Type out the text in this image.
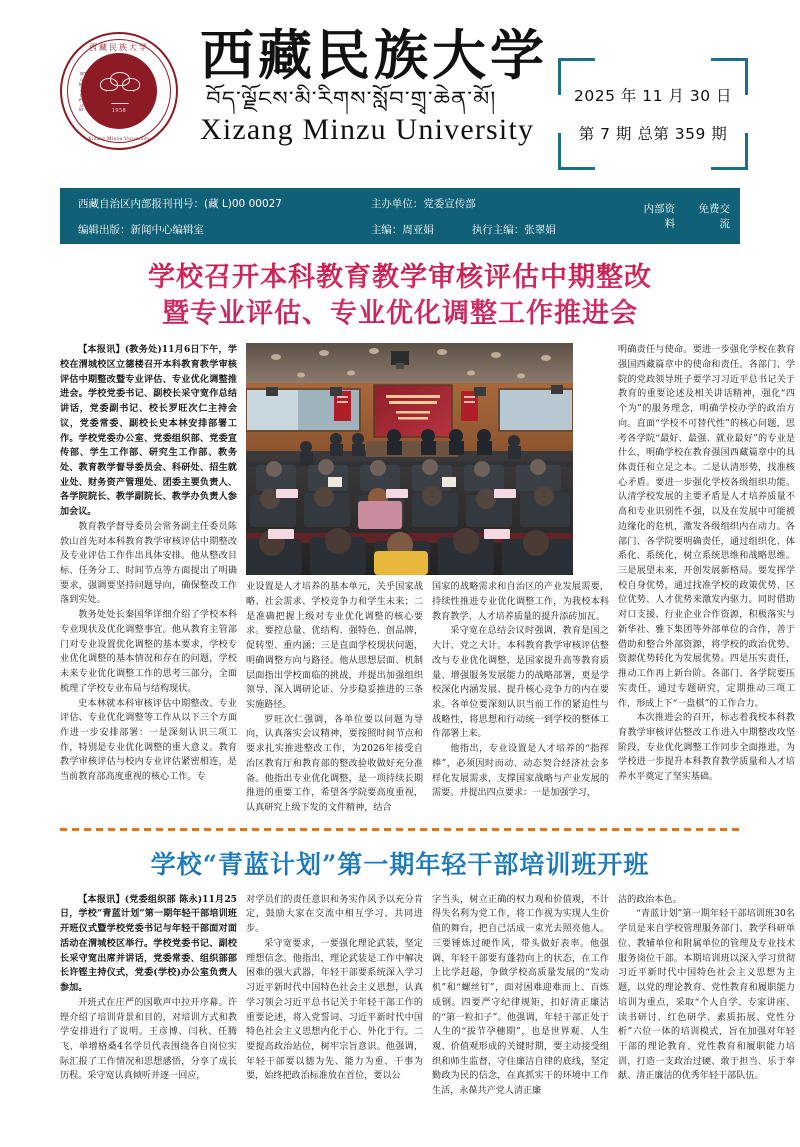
西藏民族大学
Xizang Minzu University
1958
西藏民族大学
བོད་ལྗོངས་མི་རིགས་སློབ་གྲྭ་ཆེན་མོ།
Xizang Minzu University
2025 年 11 月 30 日
第 7 期 总第 359 期
西藏自治区内部报刊刊号：(藏 L)00 00027
编辑出版：新闻中心编辑室
主办单位：党委宣传部
主编：周亚娟	执行主编：张翠娟
内部资料
免费交流
学校召开本科教育教学审核评估中期整改
暨专业评估、专业优化调整工作推进会

【本报讯】(教务处)11月6日下午，学校在渭城校区立德楼召开本科教育教学审核评估中期整改暨专业评估、专业优化调整推进会。学校党委书记、副校长采守宽作总结讲话，党委副书记、校长罗旺次仁主持会议，党委常委、副校长史本林安排部署工作。学校党委办公室、党委组织部、党委宣传部、学生工作部、研究生工作部、教务处、教育教学督导委员会、科研处、招生就业处、财务资产管理处、团委主要负责人、各学院院长、教学副院长、教学办负责人参加会议。

教育教学督导委员会常务副主任委员陈敦山首先对本科教育教学审核评估中期整改及专业评估工作作出具体安排。他从整改目标、任务分工、时间节点等方面提出了明确要求，强调要坚持问题导向，确保整改工作落到实处。

教务处处长秦国华详细介绍了学校本科专业现状及优化调整事宜。他从教育主管部门对专业设置优化调整的基本要求，学校专业优化调整的基本情况和存在的问题，学校未来专业优化调整工作的思考三部分，全面梳理了学校专业布局与结构现状。

史本林就本科审核评估中期整改、专业评估、专业优化调整等工作从以下三个方面作进一步安排部署：一是深刻认识三项工作，特别是专业优化调整的重大意义。教育教学审核评估与校内专业评估紧密相连，是当前教育部高度重视的核心工作。专

业设置是人才培养的基本单元，关乎国家战略、社会需求、学校竞争力和学生未来；二是准确把握上级对专业优化调整的核心要求。要控总量、优结构、强特色、创品牌，促转型、重内涵；三是直面学校现状问题，明确调整方向与路径。他从思想层面、机制层面指出学校面临的挑战，并提出加强组织领导、深入调研论证、分步稳妥推进的三条实施路径。

罗旺次仁强调，各单位要以问题为导向，认真落实会议精神，要按照时间节点和要求扎实推进整改工作，为2026年接受自治区教育厅和教育部的整改验收做好充分准备。他指出专业优化调整，是一项持续长期推进的重要工作，希望各学院要高度重视，认真研究上级下发的文件精神，结合

国家的战略需求和自治区的产业发展需要，持续性推进专业优化调整工作，为我校本科教育教学、人才培养质量的提升添砖加瓦。

采守宽在总结会议时强调，教育是国之大计、党之大计。本科教育教学审核评估整改与专业优化调整，是国家提升高等教育质量、增强服务发展能力的战略部署，更是学校深化内涵发展、提升核心竞争力的内在要求。各单位要深刻认识当前工作的紧迫性与战略性，将思想和行动统一到学校的整体工作部署上来。

他指出，专业设置是人才培养的“指挥棒”，必须因时而动、动态契合经济社会多样化发展需求，支撑国家战略与产业发展的需要。并提出四点要求：一是加强学习，

明确责任与使命。要进一步强化学校在教育强国西藏篇章中的使命和责任。各部门、学院的党政领导班子要学习习近平总书记关于教育的重要论述及相关讲话精神，强化“四个为”的服务理念，明确学校办学的政治方向。直面“学校不可替代性”的核心问题，思考各学院“最好、最强、就业最好”的专业是什么，明确学校在教育强国西藏篇章中的具体责任和立足之本。二是认清形势，找准核心矛盾。要进一步强化学校各级组织功能。认清学校发展的主要矛盾是人才培养质量不高和专业识别性不强，以及在发展中可能被边缘化的危机，激发各级组织内在动力。各部门、各学院要明确责任，通过组织化、体系化、系统化，树立系统思维和战略思维。三是展望未来，开创发展新格局。要发挥学校自身优势，通过找准学校的政策优势、区位优势、人才优势来激发内驱力。同时借助对口支援、行业企业合作资源，积极落实与新华社、雅下集团等外部单位的合作，善于借助和整合外部资源，将学校的政治优势、资源优势转化为发展优势。四是压实责任，推动工作再上新台阶。各部门、各学院要压实责任，通过专题研究，定期推动三项工作，形成上下“一盘棋”的工作合力。

本次推进会的召开，标志着我校本科教育教学审核评估整改工作进入中期整改攻坚阶段，专业优化调整工作同步全面推进，为学校进一步提升本科教育教学质量和人才培养水平奠定了坚实基础。

学校“青蓝计划”第一期年轻干部培训班开班

【本报讯】(党委组织部 陈永)11月25日，学校“青蓝计划”第一期年轻干部培训班开班仪式暨学校党委书记与年轻干部面对面活动在渭城校区举行。学校党委书记、副校长采守宽出席并讲话，党委常委、组织部部长许铿主持仪式，党委(学校)办公室负责人参加。

开班式在庄严的国歌声中拉开序幕。许铿介绍了培训背景和目的，对培训方式和教学安排进行了说明。王彦博、闫秋、任腾飞、单增格桑4名学员代表围绕各自岗位实际汇报了工作情况和思想感悟，分享了成长历程。采守宽认真倾听并逐一回应，

对学员们的责任意识和务实作风予以充分肯定，鼓励大家在交流中相互学习、共同进步。

采守宽要求，一要强化理论武装，坚定理想信念。他指出，理论武装是工作中解决困难的强大武器，年轻干部要系统深入学习习近平新时代中国特色社会主义思想，认真学习领会习近平总书记关于年轻干部工作的重要论述，将入党誓词、习近平新时代中国特色社会主义思想内化于心、外化于行。二要提高政治站位，树牢宗旨意识。他强调，年轻干部要以德为先、能力为重、干事为要，始终把政治标准放在首位，要以公

字当头，树立正确的权力观和价值观，不计得失名利为党工作，将工作视为实现人生价值的舞台，把自己活成一束光去照亮他人。三要锤炼过硬作风，带头做好表率。他强调，年轻干部要有蓬勃向上的状态，在工作上比学赶超，争做学校高质量发展的“发动机”和“螺丝钉”，面对困难迎难而上、百炼成钢。四要严守纪律规矩，扣好清正廉洁的“第一粒扣子”。他强调，年轻干部正处于人生的“拔节孕穗期”，也是世界观、人生观、价值观形成的关键时期，要主动接受组织和师生监督，守住廉洁自律的底线，坚定勤政为民的信念，在真抓实干的环境中工作生活，永葆共产党人清正廉

洁的政治本色。

“青蓝计划”第一期年轻干部培训班30名学员是来自学校管理服务部门、教学科研单位、教辅单位和附属单位的管理及专业技术服务岗位干部。本期培训班以深入学习贯彻习近平新时代中国特色社会主义思想为主题，以党的理论教育、党性教育和履职能力培训为重点，采取“个人自学、专家讲座、读书研讨、红色研学、素质拓展、党性分析”六位一体的培训模式，旨在加强对年轻干部的理论教育、党性教育和履职能力培训，打造一支政治过硬、敢于担当、乐于奉献、清正廉洁的优秀年轻干部队伍。
